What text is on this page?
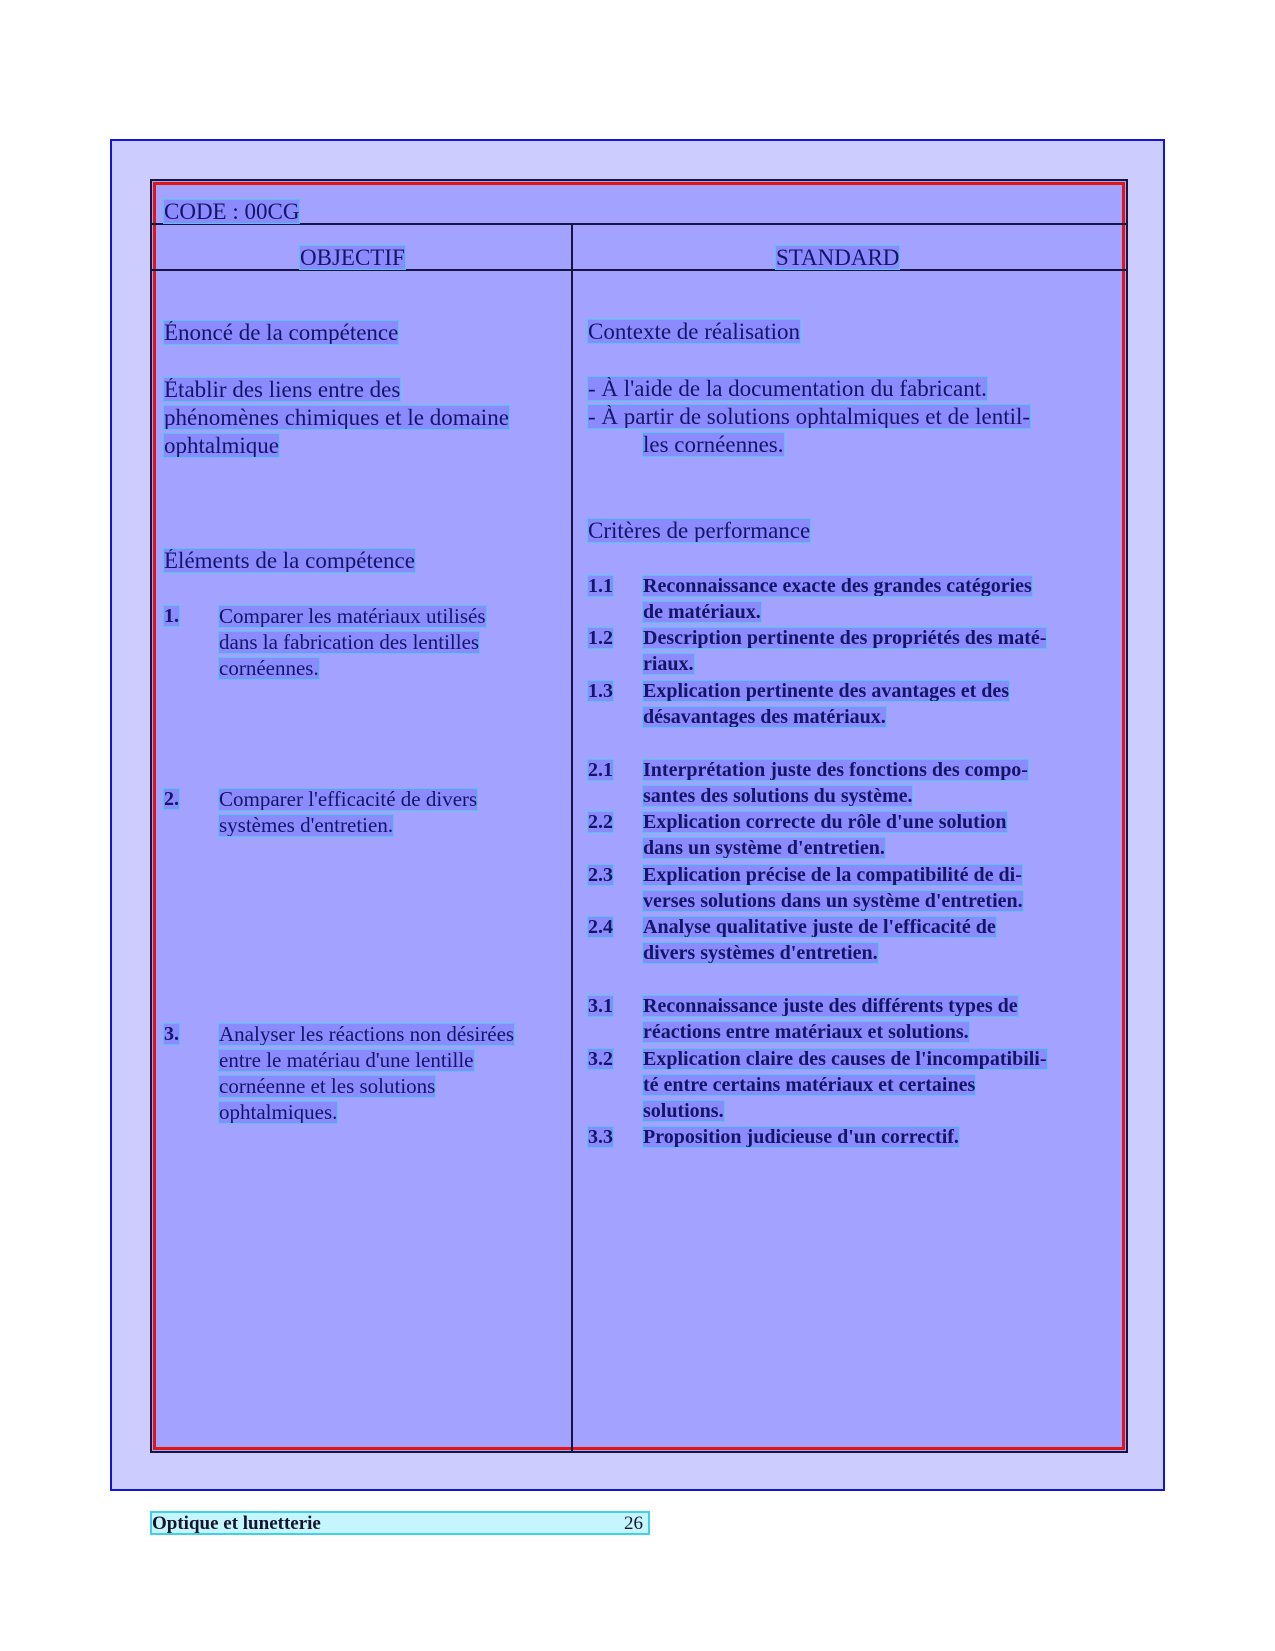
CODE : 00CG
OBJECTIF	STANDARD
Énoncé de la compétence
Établir des liens entre des
phénomènes chimiques et le domaine
ophtalmique
Éléments de la compétence
1. Comparer les matériaux utilisés
dans la fabrication des lentilles
cornéennes.
2. Comparer l'efficacité de divers
systèmes d'entretien.
3. Analyser les réactions non désirées
entre le matériau d'une lentille
cornéenne et les solutions
ophtalmiques.
Contexte de réalisation
- À l'aide de la documentation du fabricant.
- À partir de solutions ophtalmiques et de lentil-
les cornéennes.
Critères de performance
1.1 Reconnaissance exacte des grandes catégories
de matériaux.
1.2 Description pertinente des propriétés des maté-
riaux.
1.3 Explication pertinente des avantages et des
désavantages des matériaux.
2.1 Interprétation juste des fonctions des compo-
santes des solutions du système.
2.2 Explication correcte du rôle d'une solution
dans un système d'entretien.
2.3 Explication précise de la compatibilité de di-
verses solutions dans un système d'entretien.
2.4 Analyse qualitative juste de l'efficacité de
divers systèmes d'entretien.
3.1 Reconnaissance juste des différents types de
réactions entre matériaux et solutions.
3.2 Explication claire des causes de l'incompatibili-
té entre certains matériaux et certaines
solutions.
3.3 Proposition judicieuse d'un correctif.
Optique et lunetterie	26
